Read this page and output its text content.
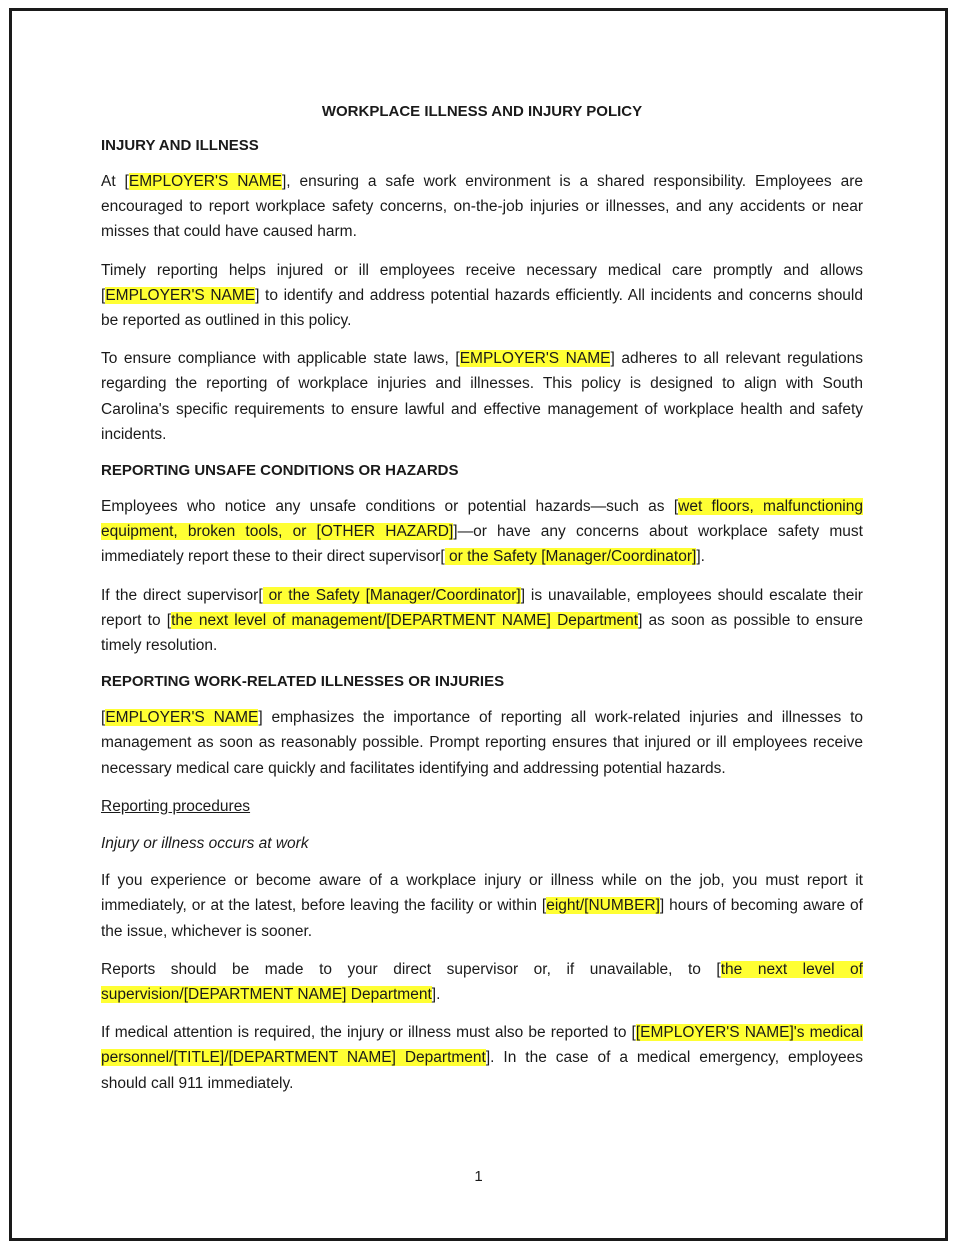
WORKPLACE ILLNESS AND INJURY POLICY
INJURY AND ILLNESS

At [EMPLOYER'S NAME], ensuring a safe work environment is a shared responsibility. Employees are encouraged to report workplace safety concerns, on-the-job injuries or illnesses, and any accidents or near misses that could have caused harm.

Timely reporting helps injured or ill employees receive necessary medical care promptly and allows [EMPLOYER'S NAME] to identify and address potential hazards efficiently. All incidents and concerns should be reported as outlined in this policy.

To ensure compliance with applicable state laws, [EMPLOYER'S NAME] adheres to all relevant regulations regarding the reporting of workplace injuries and illnesses. This policy is designed to align with South Carolina's specific requirements to ensure lawful and effective management of workplace health and safety incidents.

REPORTING UNSAFE CONDITIONS OR HAZARDS

Employees who notice any unsafe conditions or potential hazards—such as [wet floors, malfunctioning equipment, broken tools, or [OTHER HAZARD]]—or have any concerns about workplace safety must immediately report these to their direct supervisor[ or the Safety [Manager/Coordinator]].

If the direct supervisor[ or the Safety [Manager/Coordinator]] is unavailable, employees should escalate their report to [the next level of management/[DEPARTMENT NAME] Department] as soon as possible to ensure timely resolution.

REPORTING WORK-RELATED ILLNESSES OR INJURIES

[EMPLOYER'S NAME] emphasizes the importance of reporting all work-related injuries and illnesses to management as soon as reasonably possible. Prompt reporting ensures that injured or ill employees receive necessary medical care quickly and facilitates identifying and addressing potential hazards.

Reporting procedures
Injury or illness occurs at work

If you experience or become aware of a workplace injury or illness while on the job, you must report it immediately, or at the latest, before leaving the facility or within [eight/[NUMBER]] hours of becoming aware of the issue, whichever is sooner.

Reports should be made to your direct supervisor or, if unavailable, to [the next level of supervision/[DEPARTMENT NAME] Department].

If medical attention is required, the injury or illness must also be reported to [[EMPLOYER'S NAME]'s medical personnel/[TITLE]/[DEPARTMENT NAME] Department]. In the case of a medical emergency, employees should call 911 immediately.

1
